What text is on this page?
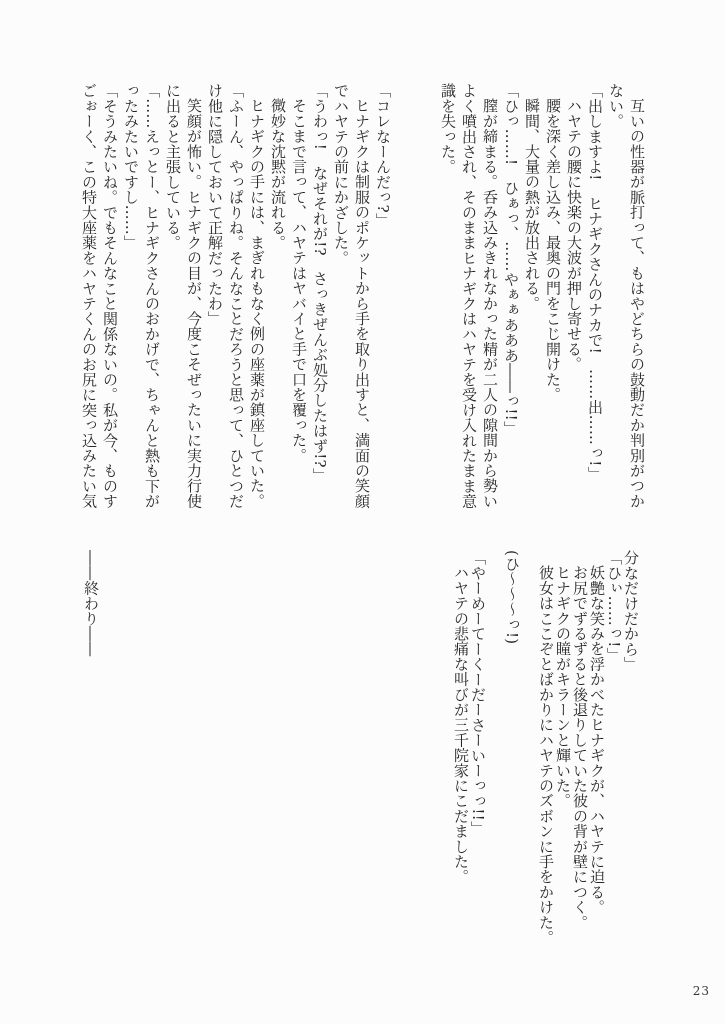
互いの性器が脈打って、もはやどちらの鼓動だか判別がつか
ない。
「出しますよ!　ヒナギクさんのナカで!　……出……っ!」
ハヤテの腰に快楽の大波が押し寄せる。
腰を深く差し込み、最奥の門をこじ開けた。
瞬間、大量の熱が放出される。
「ひっ……!　ひぁっ、……やぁぁあああ――っ!!」
膣が締まる。呑み込みきれなかった精が二人の隙間から勢い
よく噴出され、そのままヒナギクはハヤテを受け入れたまま意
識を失った。
「コレなーんだっ?」
ヒナギクは制服のポケットから手を取り出すと、満面の笑顔
でハヤテの前にかざした。
「うわっ!　なぜそれが!?　さっきぜんぶ処分したはず!?」
そこまで言って、ハヤテはヤバイと手で口を覆った。
微妙な沈黙が流れる。
ヒナギクの手には、まぎれもなく例の座薬が鎮座していた。
「ふーん、やっぱりね。そんなことだろうと思って、ひとつだ
け他に隠しておいて正解だったわ」
笑顔が怖い。ヒナギクの目が、今度こそぜったいに実力行使
に出ると主張している。
「……えっとー、ヒナギクさんのおかげで、ちゃんと熱も下が
ったみたいですし……」
「そうみたいね。でもそんなこと関係ないの。私が今、ものす
ごぉーく、この特大座薬をハヤテくんのお尻に突っ込みたい気
分なだけだから」
「ひぃ……っ!」
妖艶な笑みを浮かべたヒナギクが、ハヤテに迫る。
お尻でずるずると後退りしていた彼の背が壁につく。
ヒナギクの瞳がキラーンと輝いた。
彼女はここぞとばかりにハヤテのズボンに手をかけた。
(ひ〜〜〜っ!)
「やーめーてーくーだーさーいーっっ!!」
ハヤテの悲痛な叫びが三千院家にこだました。
――終わり――
23
